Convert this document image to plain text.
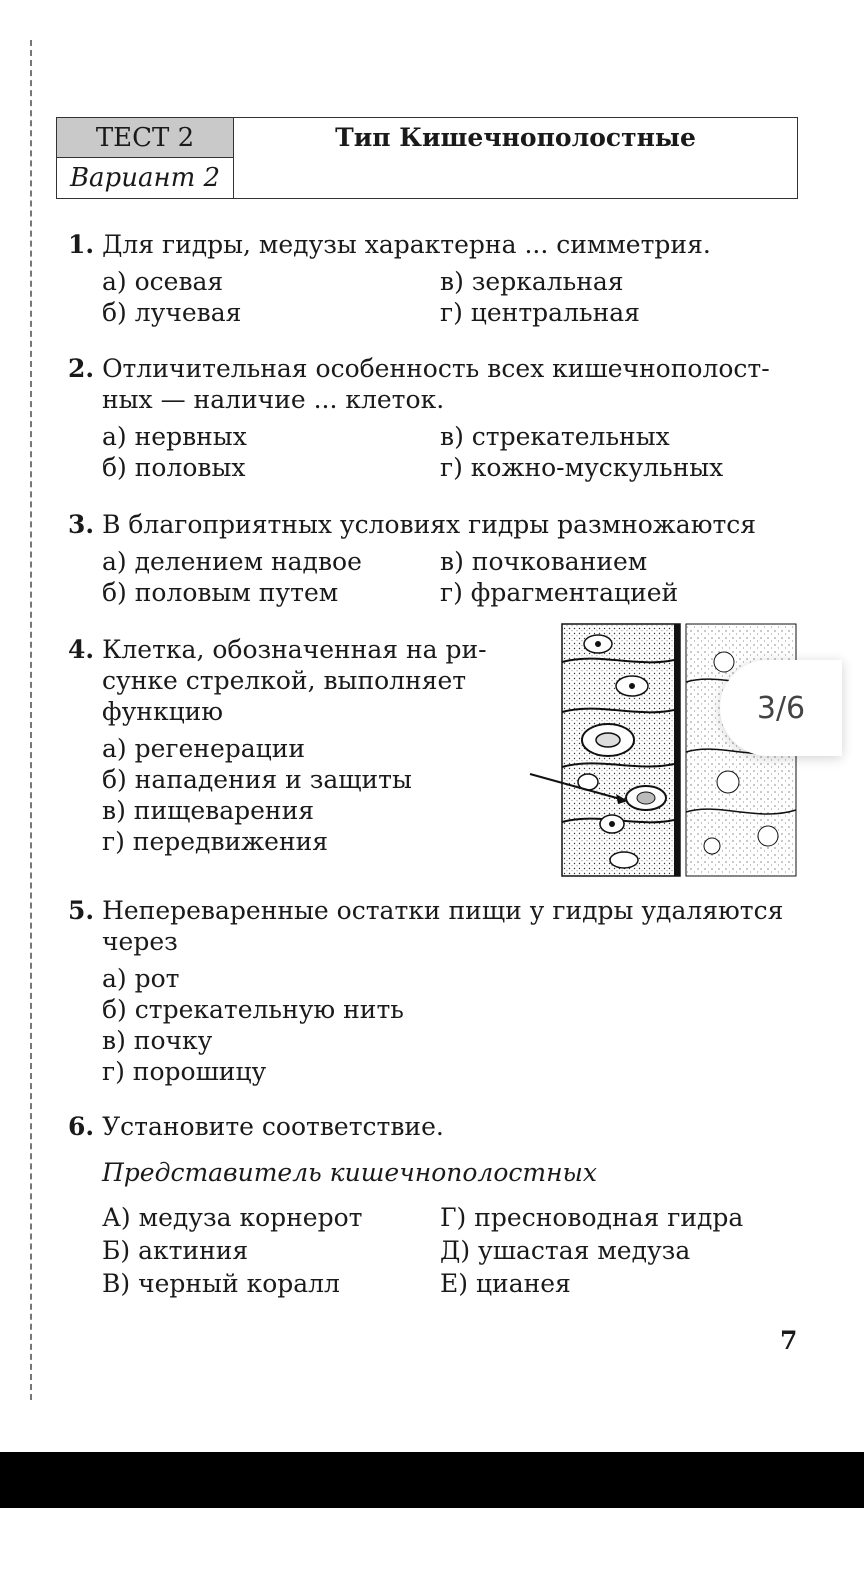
ТЕСТ 2
Вариант 2
Тип Кишечнополостные
1. Для гидры, медузы характерна ... симметрия.
а) осевая
б) лучевая
в) зеркальная
г) центральная
2. Отличительная особенность всех кишечнополост-
ных — наличие ... клеток.
а) нервных
б) половых
в) стрекательных
г) кожно-мускульных
3. В благоприятных условиях гидры размножаются
а) делением надвое
б) половым путем
в) почкованием
г) фрагментацией
4. Клетка, обозначенная на ри-
сунке стрелкой, выполняет
функцию
а) регенерации
б) нападения и защиты
в) пищеварения
г) передвижения
3/6
5. Непереваренные остатки пищи у гидры удаляются
через
а) рот
б) стрекательную нить
в) почку
г) порошицу
6. Установите соответствие.
Представитель кишечнополостных
А) медуза корнерот
Б) актиния
В) черный коралл
Г) пресноводная гидра
Д) ушастая медуза
Е) цианея
7
